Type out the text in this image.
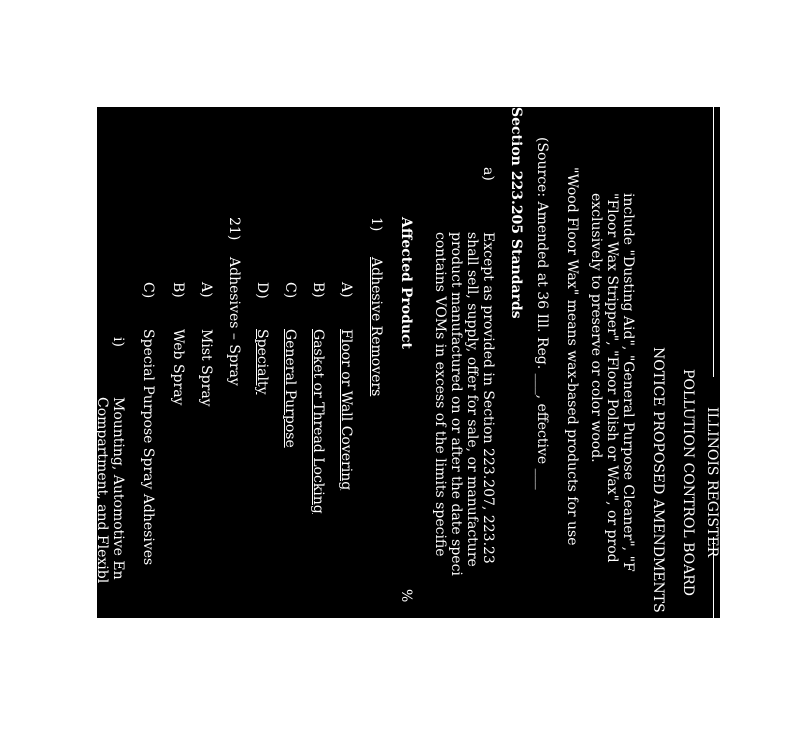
ILLINOIS REGISTER
POLLUTION CONTROL BOARD
NOTICE PROPOSED AMENDMENTS
include "Dusting Aid", "General Purpose Cleaner", "F
"Floor Wax Stripper", "Floor Polish or Wax", or prod
exclusively to preserve or color wood.
"Wood Floor Wax" means wax-based products for use
(Source: Amended at 36 Ill. Reg. ___, effective ___
Section 223.205 Standards
a)
Except as provided in Section 223.207, 223.23
shall sell, supply, offer for sale, or manufacture
product manufactured on or after the date speci
contains VOMs in excess of the limits specifie
Affected Product
%
1)
Adhesive Removers
A)
Floor or Wall Covering
B)
Gasket or Thread Locking
C)
General Purpose
D)
Specialty
21)
Adhesives – Spray
A)
Mist Spray
B)
Web Spray
C)
Special Purpose Spray Adhesives
i)
Mounting, Automotive En
Compartment, and Flexibl
